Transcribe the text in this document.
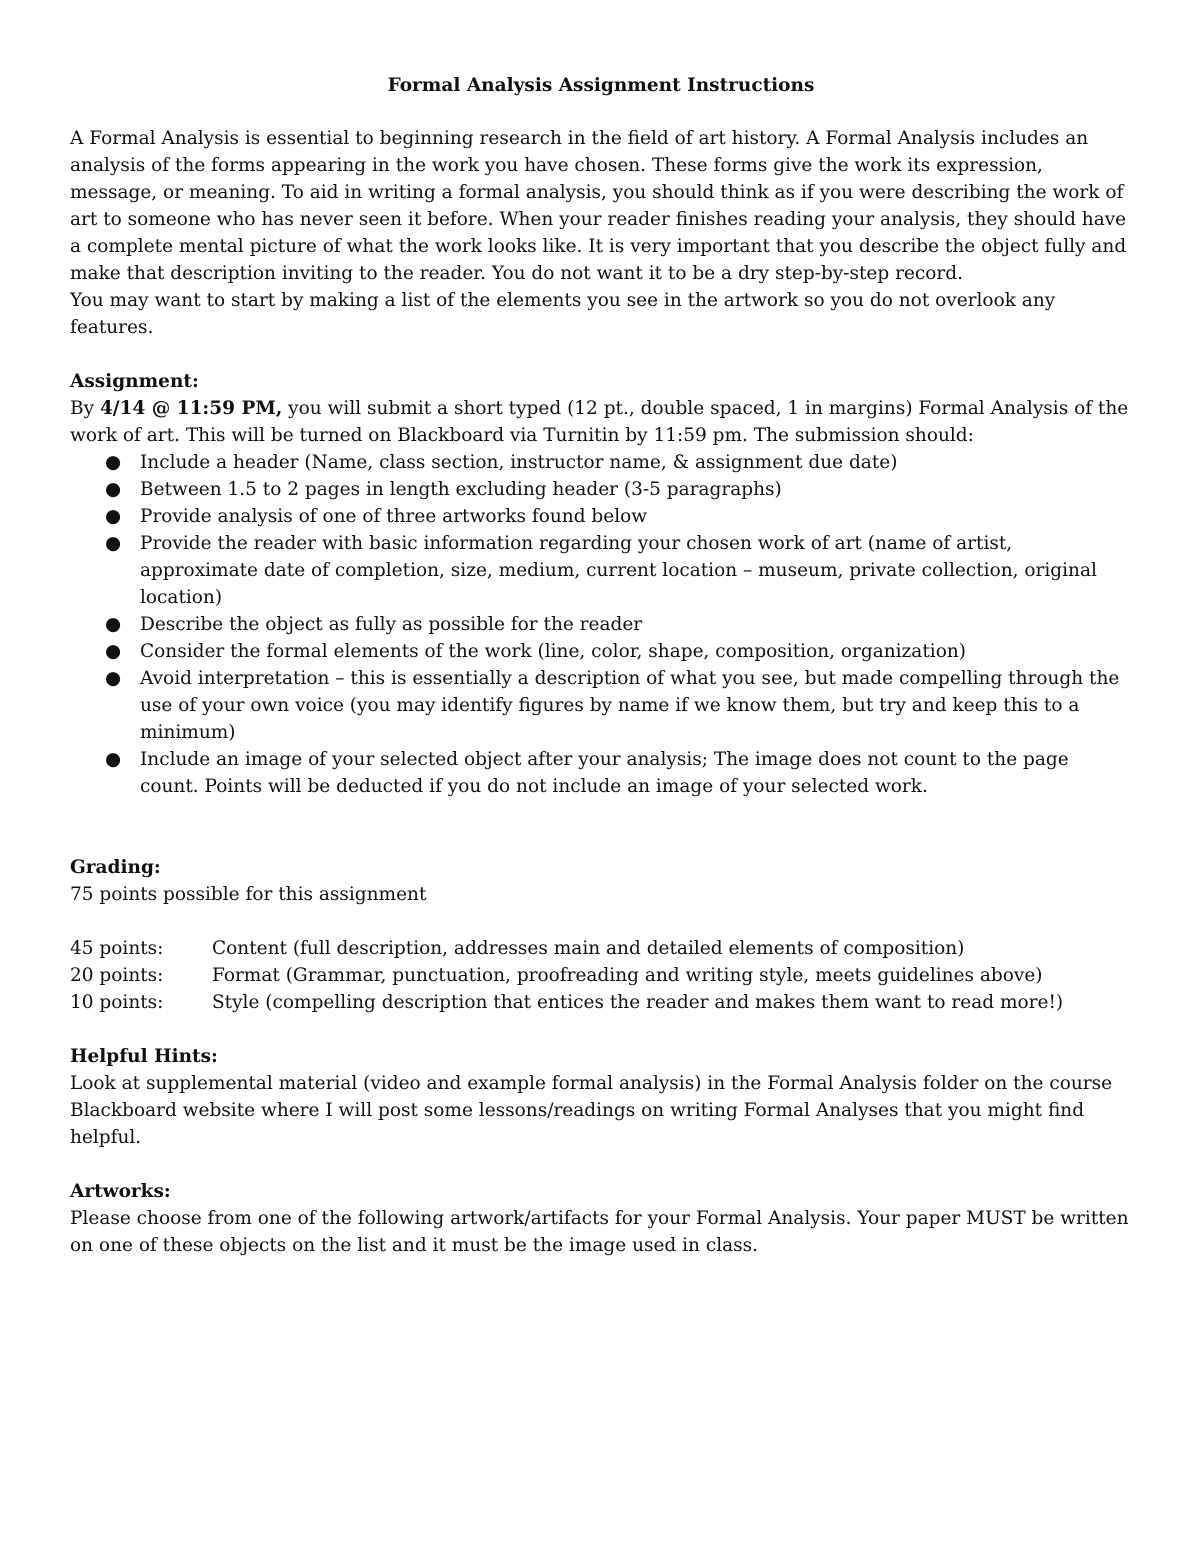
Formal Analysis Assignment Instructions

A Formal Analysis is essential to beginning research in the field of art history. A Formal Analysis includes an analysis of the forms appearing in the work you have chosen. These forms give the work its expression, message, or meaning. To aid in writing a formal analysis, you should think as if you were describing the work of art to someone who has never seen it before. When your reader finishes reading your analysis, they should have a complete mental picture of what the work looks like. It is very important that you describe the object fully and make that description inviting to the reader. You do not want it to be a dry step-by-step record.

You may want to start by making a list of the elements you see in the artwork so you do not overlook any features.

Assignment:

By 4/14 @ 11:59 PM, you will submit a short typed (12 pt., double spaced, 1 in margins) Formal Analysis of the work of art. This will be turned on Blackboard via Turnitin by 11:59 pm. The submission should:

● Include a header (Name, class section, instructor name, & assignment due date)
● Between 1.5 to 2 pages in length excluding header (3-5 paragraphs)
● Provide analysis of one of three artworks found below
● Provide the reader with basic information regarding your chosen work of art (name of artist, approximate date of completion, size, medium, current location – museum, private collection, original location)
● Describe the object as fully as possible for the reader
● Consider the formal elements of the work (line, color, shape, composition, organization)
● Avoid interpretation – this is essentially a description of what you see, but made compelling through the use of your own voice (you may identify figures by name if we know them, but try and keep this to a minimum)
● Include an image of your selected object after your analysis; The image does not count to the page count. Points will be deducted if you do not include an image of your selected work.

Grading:

75 points possible for this assignment

45 points:	Content (full description, addresses main and detailed elements of composition)
20 points:	Format (Grammar, punctuation, proofreading and writing style, meets guidelines above)
10 points:	Style (compelling description that entices the reader and makes them want to read more!)

Helpful Hints:

Look at supplemental material (video and example formal analysis) in the Formal Analysis folder on the course Blackboard website where I will post some lessons/readings on writing Formal Analyses that you might find helpful.

Artworks:

Please choose from one of the following artwork/artifacts for your Formal Analysis. Your paper MUST be written on one of these objects on the list and it must be the image used in class.
